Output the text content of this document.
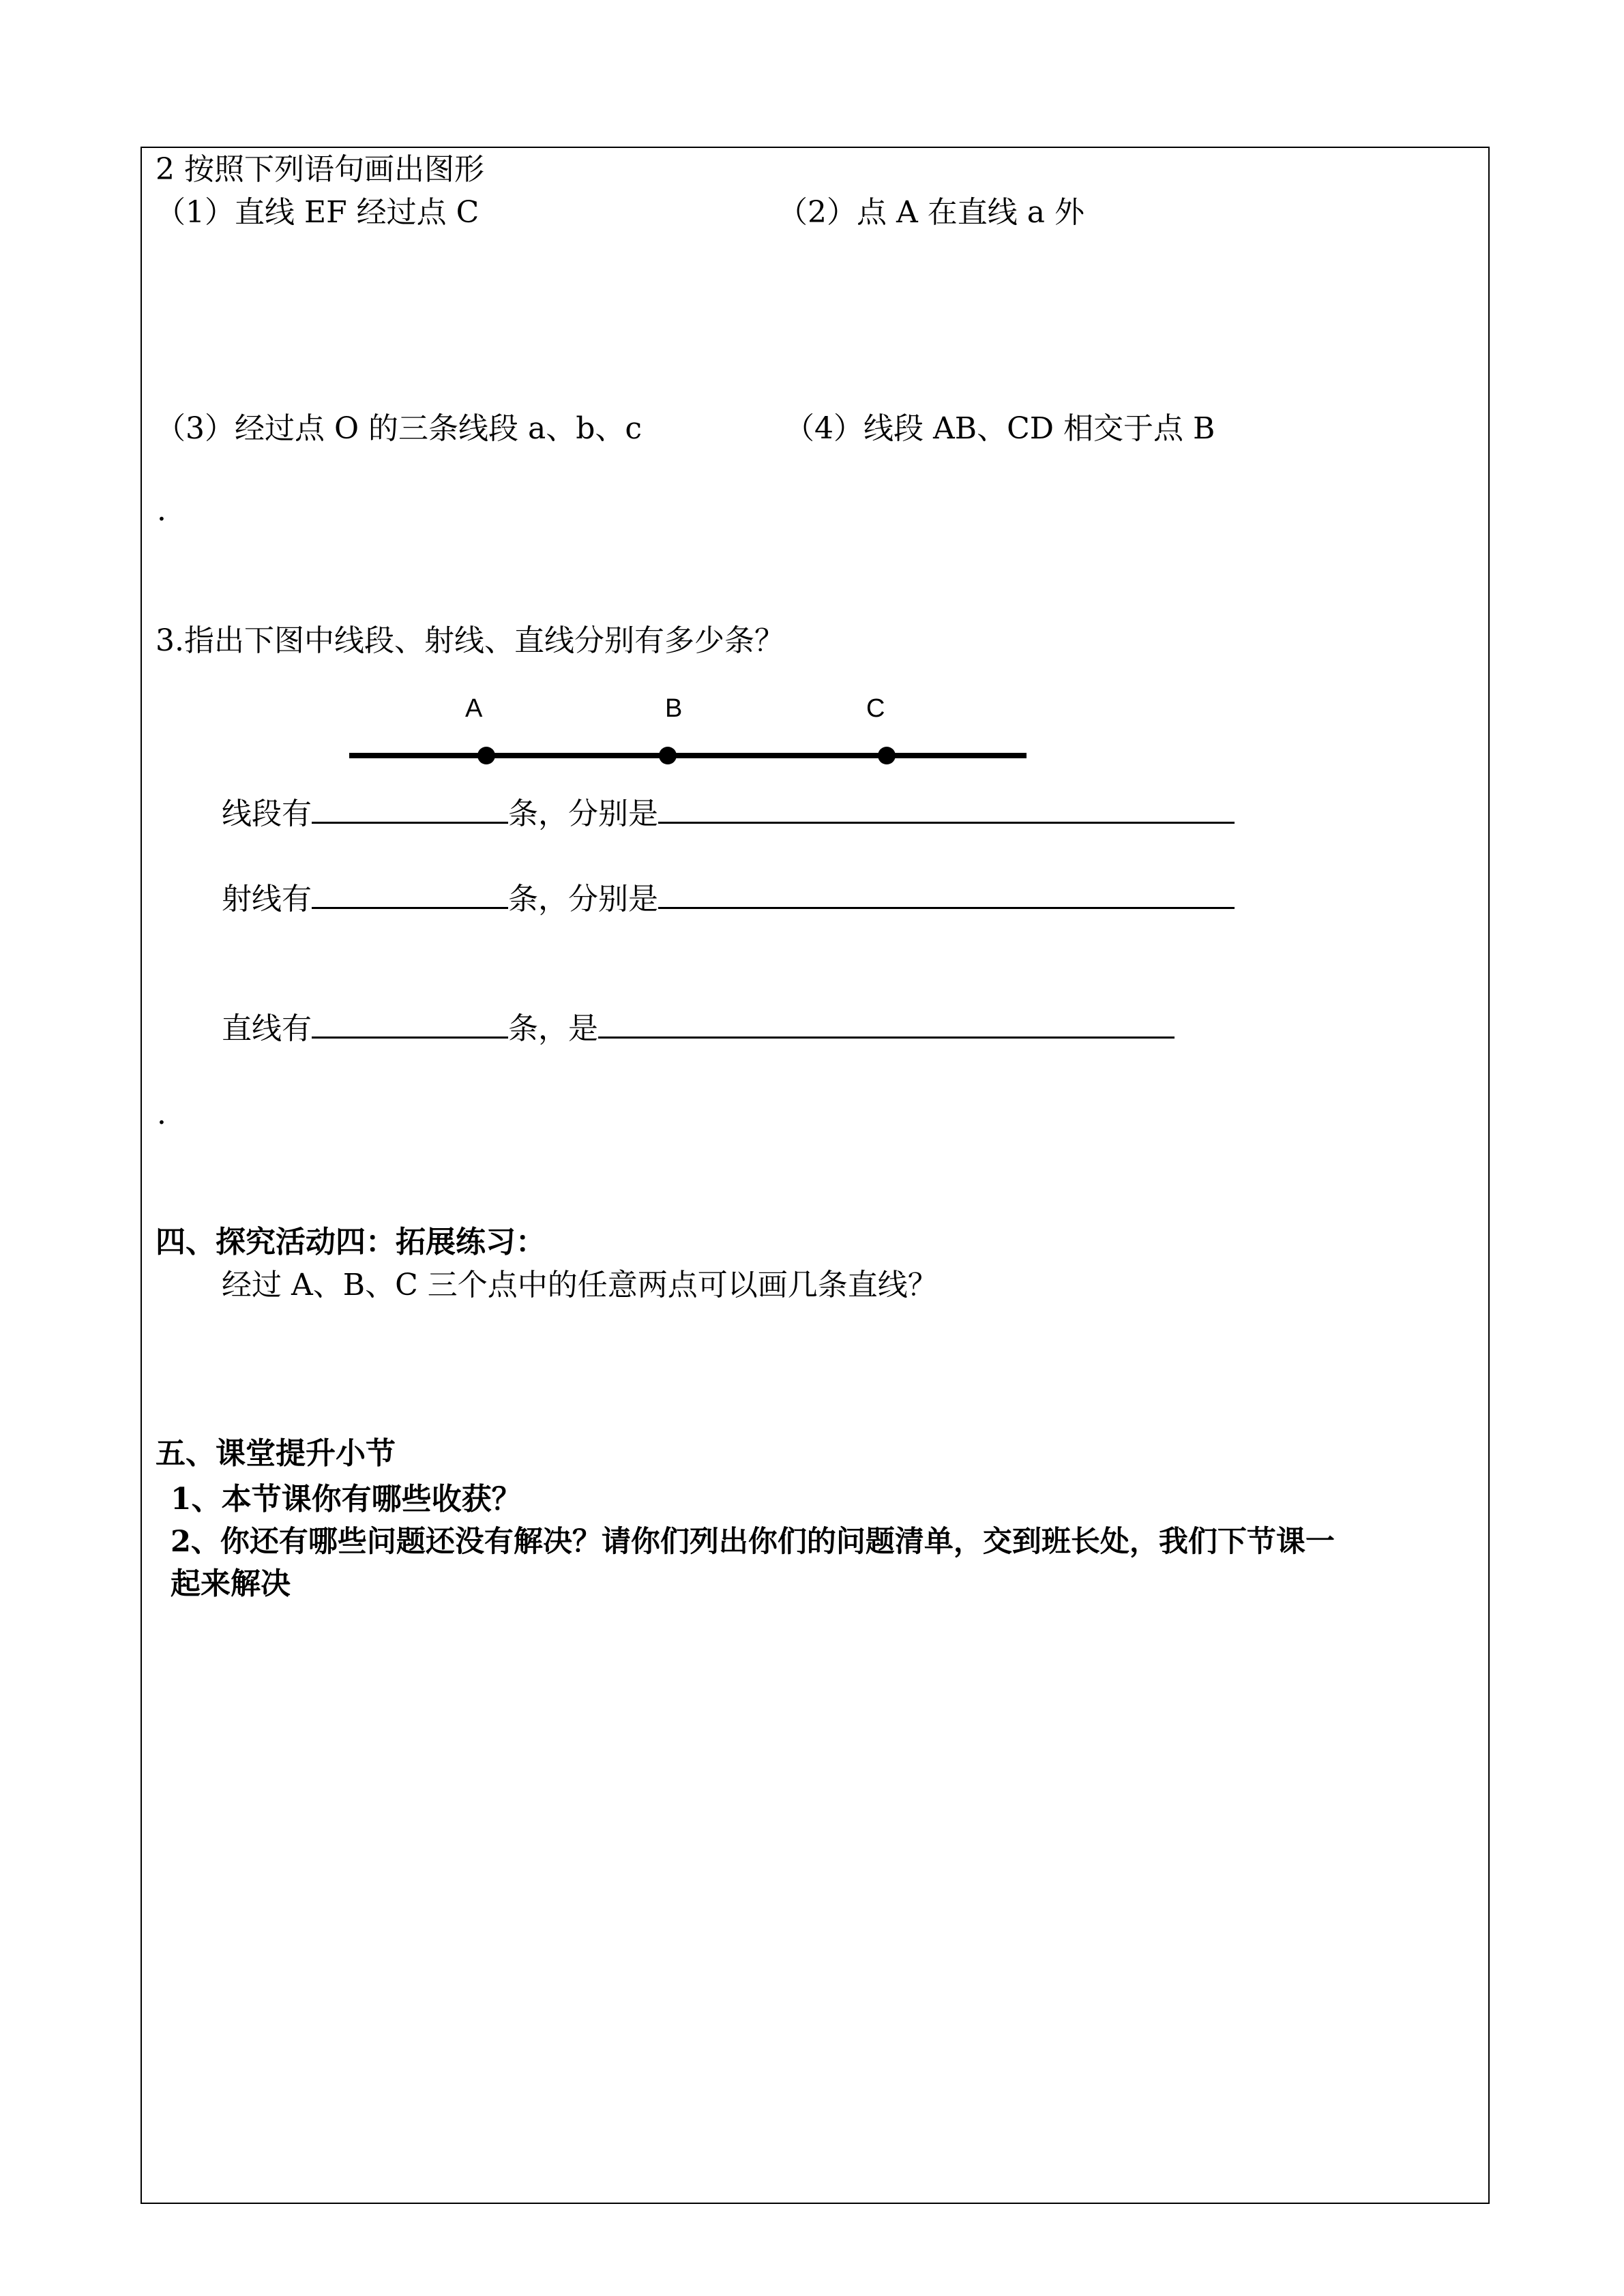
2 按照下列语句画出图形
（1）直线 EF 经过点 C	（2）点 A 在直线 a 外
（3）经过点 O 的三条线段 a、b、c	（4）线段 AB、CD 相交于点 B
·
3.指出下图中线段、射线、直线分别有多少条？
A	B	C
线段有	条，分别是
射线有	条，分别是
直线有	条，是
·
四、探究活动四：拓展练习：
经过 A、B、C 三个点中的任意两点可以画几条直线？
五、课堂提升小节
1、本节课你有哪些收获？
2、你还有哪些问题还没有解决？请你们列出你们的问题清单，交到班长处，我们下节课一
起来解决
